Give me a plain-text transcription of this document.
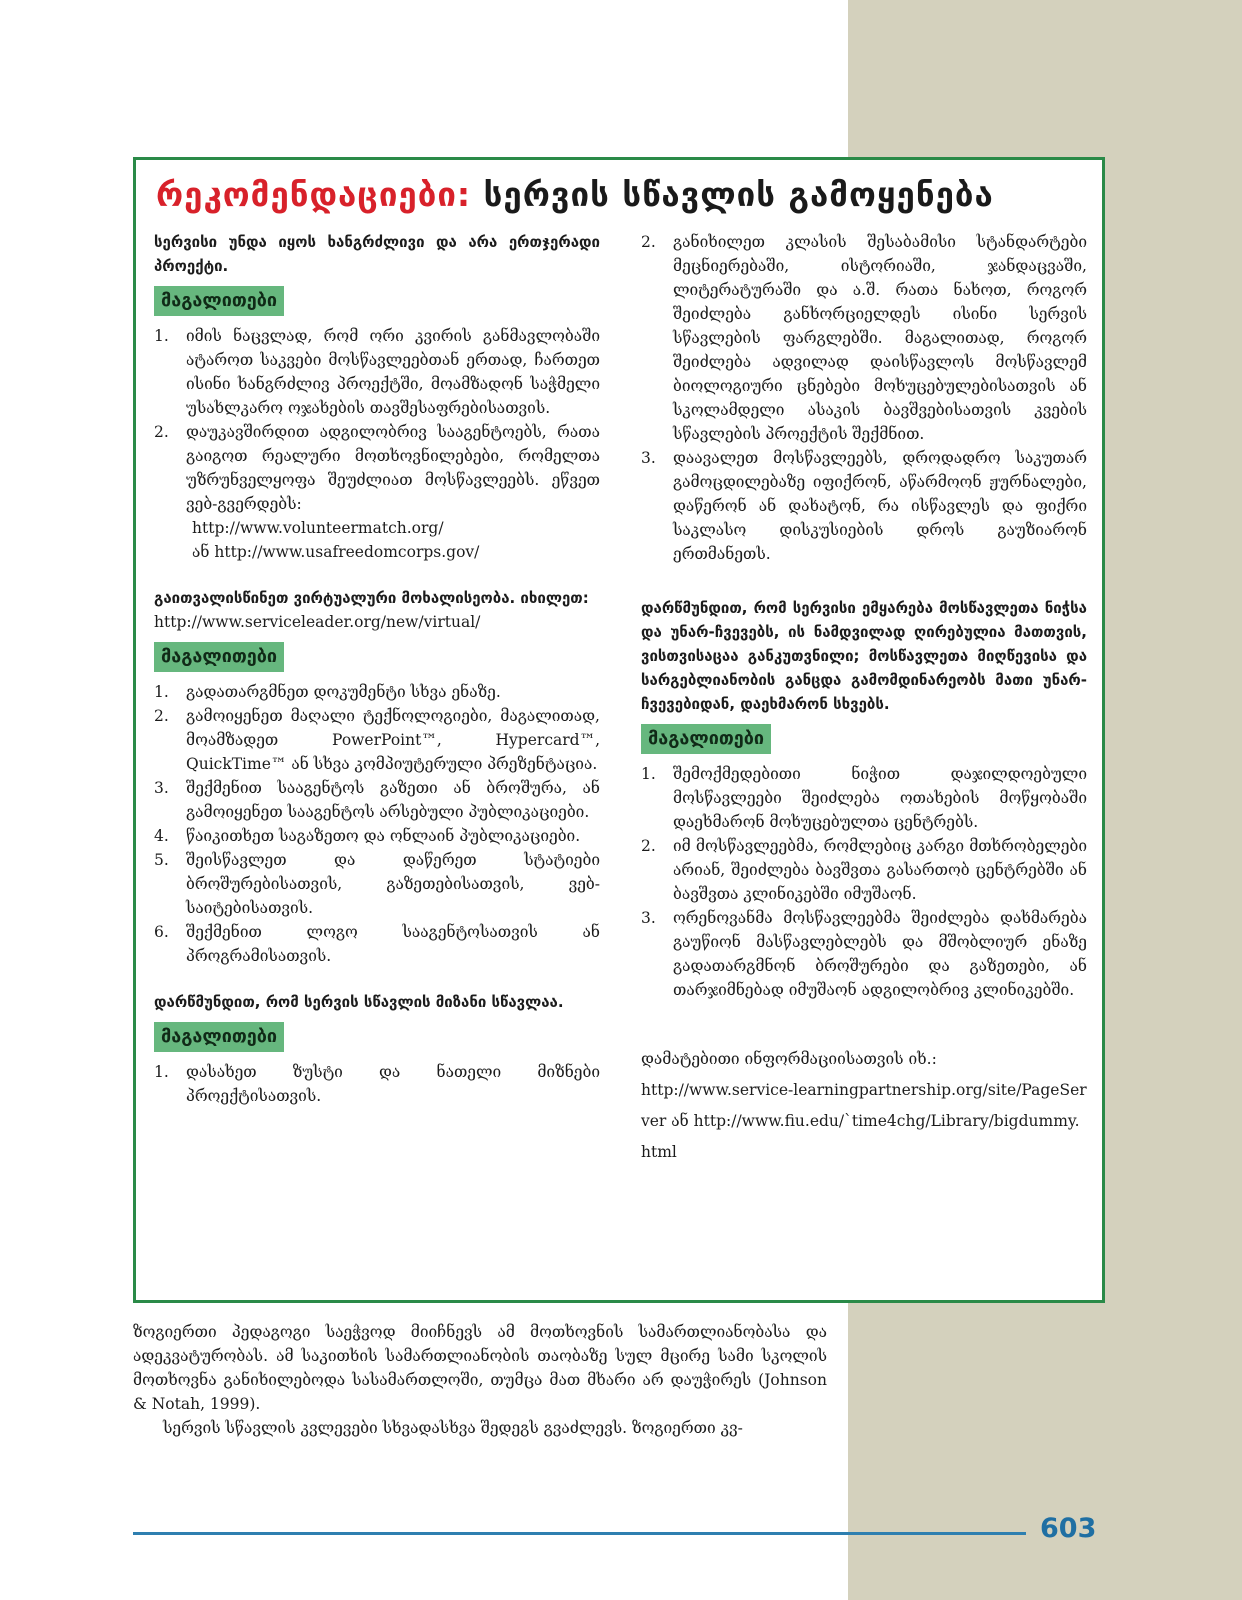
რეკომენდაციები: სერვის სწავლის გამოყენება

სერვისი უნდა იყოს ხანგრძლივი და არა ერთჯერადი პროექტი.

მაგალითები
1. იმის ნაცვლად, რომ ორი კვირის განმავლობაში ატაროთ საკვები მოსწავლეებთან ერთად, ჩართეთ ისინი ხანგრძლივ პროექტში, მოამზადონ საჭმელი უსახლკარო ოჯახების თავშესაფრებისათვის.
2. დაუკავშირდით ადგილობრივ სააგენტოებს, რათა გაიგოთ რეალური მოთხოვნილებები, რომელთა უზრუნველყოფა შეუძლიათ მოსწავლეებს. ეწვეთ ვებ-გვერდებს:
http://www.volunteermatch.org/
ან http://www.usafreedomcorps.gov/

გაითვალისწინეთ ვირტუალური მოხალისეობა. იხილეთ:

http://www.serviceleader.org/new/virtual/

მაგალითები
1. გადათარგმნეთ დოკუმენტი სხვა ენაზე.
2. გამოიყენეთ მაღალი ტექნოლოგიები, მაგალითად, მოამზადეთ PowerPoint™, Hypercard™, QuickTime™ ან სხვა კომპიუტერული პრეზენტაცია.
3. შექმენით სააგენტოს გაზეთი ან ბროშურა, ან გამოიყენეთ სააგენტოს არსებული პუბლიკაციები.
4. წაიკითხეთ საგაზეთო და ონლაინ პუბლიკაციები.
5. შეისწავლეთ და დაწერეთ სტატიები ბროშურებისათვის, გაზეთებისათვის, ვებ-საიტებისათვის.
6. შექმენით ლოგო სააგენტოსათვის ან პროგრამისათვის.

დარწმუნდით, რომ სერვის სწავლის მიზანი სწავლაა.

მაგალითები
1. დასახეთ ზუსტი და ნათელი მიზნები პროექტისათვის.
2. განიხილეთ კლასის შესაბამისი სტანდარტები მეცნიერებაში, ისტორიაში, ჯანდაცვაში, ლიტერატურაში და ა.შ. რათა ნახოთ, როგორ შეიძლება განხორციელდეს ისინი სერვის სწავლების ფარგლებში. მაგალითად, როგორ შეიძლება ადვილად დაისწავლოს მოსწავლემ ბიოლოგიური ცნებები მოხუცებულებისათვის ან სკოლამდელი ასაკის ბავშვებისათვის კვების სწავლების პროექტის შექმნით.
3. დაავალეთ მოსწავლეებს, დროდადრო საკუთარ გამოცდილებაზე იფიქრონ, აწარმოონ ჟურნალები, დაწერონ ან დახატონ, რა ისწავლეს და ფიქრი საკლასო დისკუსიების დროს გაუზიარონ ერთმანეთს.

დარწმუნდით, რომ სერვისი ემყარება მოსწავლეთა ნიჭსა და უნარ-ჩვევებს, ის ნამდვილად ღირებულია მათთვის, ვისთვისაცაა განკუთვნილი; მოსწავლეთა მიღწევისა და სარგებლიანობის განცდა გამომდინარეობს მათი უნარ-ჩვევებიდან, დაეხმარონ სხვებს.

მაგალითები
1. შემოქმედებითი ნიჭით დაჯილდოებული მოსწავლეები შეიძლება ოთახების მოწყობაში დაეხმარონ მოხუცებულთა ცენტრებს.
2. იმ მოსწავლეებმა, რომლებიც კარგი მთხრობელები არიან, შეიძლება ბავშვთა გასართობ ცენტრებში ან ბავშვთა კლინიკებში იმუშაონ.
3. ორენოვანმა მოსწავლეებმა შეიძლება დახმარება გაუწიონ მასწავლებლებს და მშობლიურ ენაზე გადათარგმნონ ბროშურები და გაზეთები, ან თარჯიმნებად იმუშაონ ადგილობრივ კლინიკებში.

დამატებითი ინფორმაციისათვის იხ.:

http://www.service-learningpartnership.org/site/PageServer ან http://www.fiu.edu/`time4chg/Library/bigdummy.html

ზოგიერთი პედაგოგი საეჭვოდ მიიჩნევს ამ მოთხოვნის სამართლიანობასა და ადეკვატურობას. ამ საკითხის სამართლიანობის თაობაზე სულ მცირე სამი სკოლის მოთხოვნა განიხილებოდა სასამართლოში, თუმცა მათ მხარი არ დაუჭირეს (Johnson & Notah, 1999).

სერვის სწავლის კვლევები სხვადასხვა შედეგს გვაძლევს. ზოგიერთი კვ-

603
